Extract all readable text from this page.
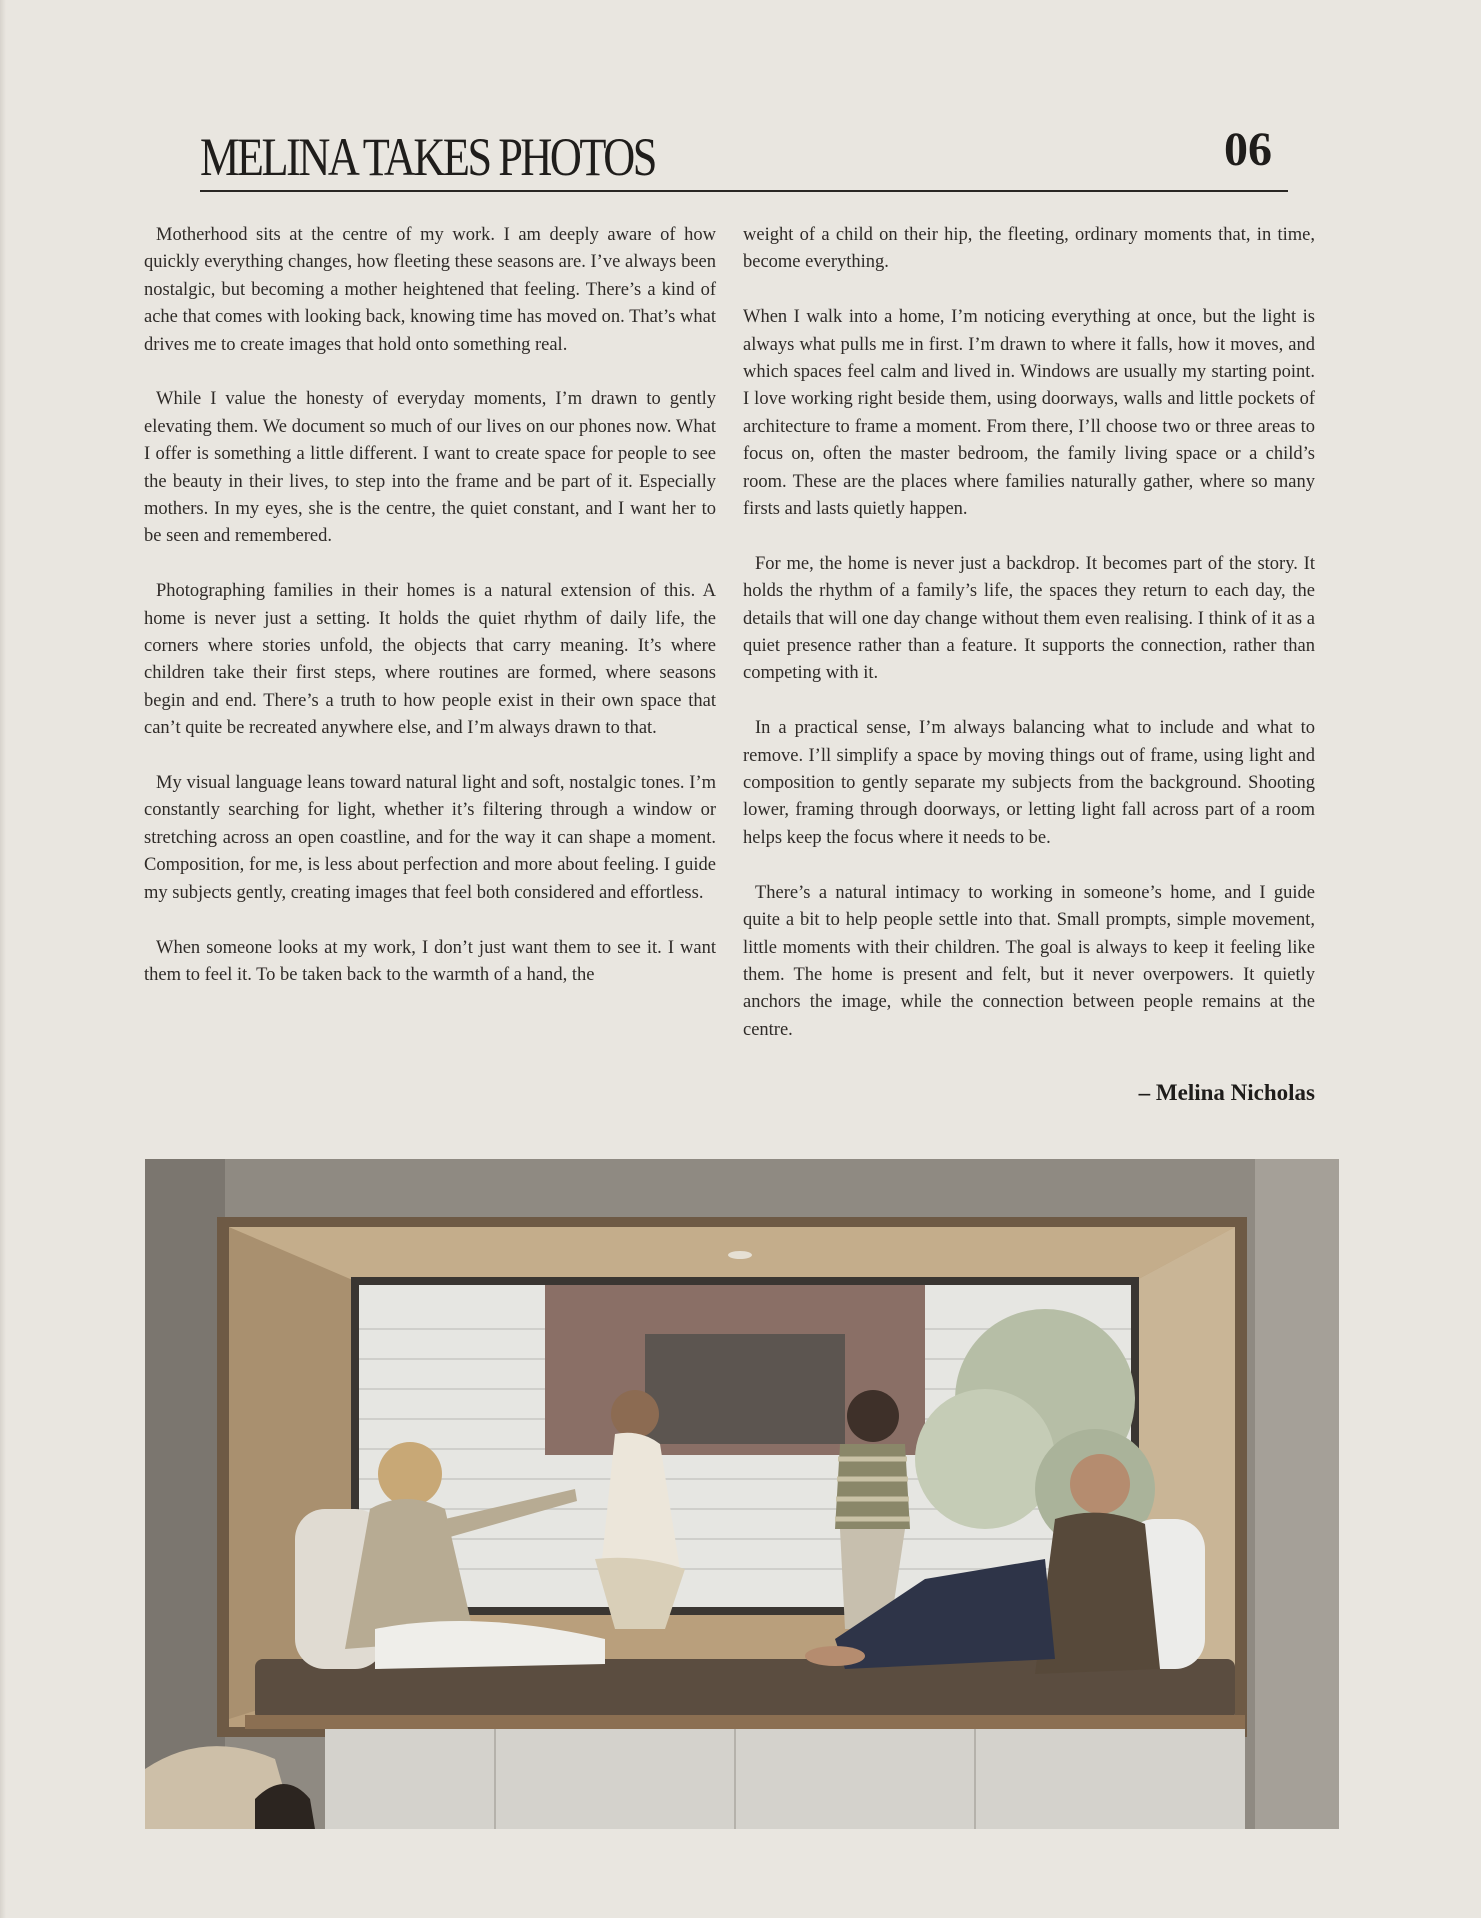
MELINA TAKES PHOTOS	06

Motherhood sits at the centre of my work. I am deeply aware of how quickly everything changes, how fleeting these seasons are. I’ve always been nostalgic, but becoming a mother heightened that feeling. There’s a kind of ache that comes with looking back, knowing time has moved on. That’s what drives me to create images that hold onto something real.

While I value the honesty of everyday moments, I’m drawn to gently elevating them. We document so much of our lives on our phones now. What I offer is something a little different. I want to create space for people to see the beauty in their lives, to step into the frame and be part of it. Especially mothers. In my eyes, she is the centre, the quiet constant, and I want her to be seen and remembered.

Photographing families in their homes is a natural extension of this. A home is never just a setting. It holds the quiet rhythm of daily life, the corners where stories unfold, the objects that carry meaning. It’s where children take their first steps, where routines are formed, where seasons begin and end. There’s a truth to how people exist in their own space that can’t quite be recreated anywhere else, and I’m always drawn to that.

My visual language leans toward natural light and soft, nostalgic tones. I’m constantly searching for light, whether it’s filtering through a window or stretching across an open coastline, and for the way it can shape a moment. Composition, for me, is less about perfection and more about feeling. I guide my subjects gently, creating images that feel both considered and effortless.

When someone looks at my work, I don’t just want them to see it. I want them to feel it. To be taken back to the warmth of a hand, the

weight of a child on their hip, the fleeting, ordinary moments that, in time, become everything.

When I walk into a home, I’m noticing everything at once, but the light is always what pulls me in first. I’m drawn to where it falls, how it moves, and which spaces feel calm and lived in. Windows are usually my starting point. I love working right beside them, using doorways, walls and little pockets of architecture to frame a moment. From there, I’ll choose two or three areas to focus on, often the master bedroom, the family living space or a child’s room. These are the places where families naturally gather, where so many firsts and lasts quietly happen.

For me, the home is never just a backdrop. It becomes part of the story. It holds the rhythm of a family’s life, the spaces they return to each day, the details that will one day change without them even realising. I think of it as a quiet presence rather than a feature. It supports the connection, rather than competing with it.

In a practical sense, I’m always balancing what to include and what to remove. I’ll simplify a space by moving things out of frame, using light and composition to gently separate my subjects from the background. Shooting lower, framing through doorways, or letting light fall across part of a room helps keep the focus where it needs to be.

There’s a natural intimacy to working in someone’s home, and I guide quite a bit to help people settle into that. Small prompts, simple movement, little moments with their children. The goal is always to keep it feeling like them. The home is present and felt, but it never overpowers. It quietly anchors the image, while the connection between people remains at the centre.

– Melina Nicholas
